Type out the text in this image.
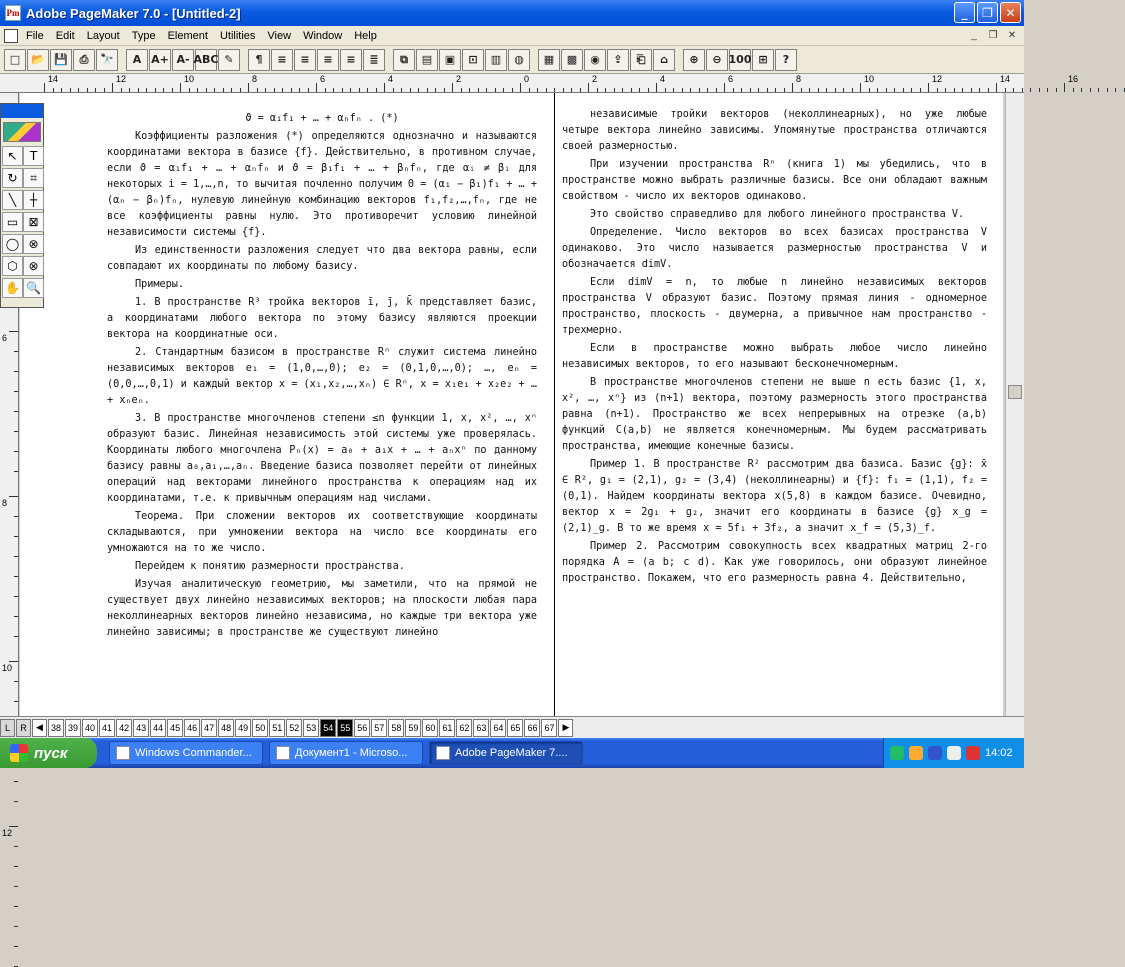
Pm Adobe PageMaker 7.0 - [Untitled-2]	_	❐	✕
File	Edit	Layout	Type	Element	Utilities	View	Window	Help	_	❐	✕
□ 📂 💾	⎙	🔭	A A+ A- ABC ✎	¶	≡	≡	≡	≡	≣	⧉	▤	▣	⊡	▥	◍	▦	▩	◉	⇪	⎗	⌂	⊕	⊖ 100 ⊞	?
14	12	10	8	6	4	2	0	2	4	6	8	10	12	14	16
6
8
10
12
ϑ = α₁f₁ + … + αₙfₙ . (*)
Коэффициенты разложения (*) определяются однозначно и называются координатами вектора в базисе {f}. Действительно, в противном случае, если ϑ = α₁f₁ + … + αₙfₙ и ϑ = β₁f₁ + … + βₙfₙ, где αᵢ ≠ βᵢ для некоторых i = 1,…,n, то вычитая почленно получим 0 = (α₁ − β₁)f₁ + … + (αₙ − βₙ)fₙ, нулевую линейную комбинацию векторов f₁,f₂,…,fₙ, где не все коэффициенты равны нулю. Это противоречит условию линейной независимости системы {f}.
Из единственности разложения следует что два вектора равны, если совпадают их координаты по любому базису.
Примеры.
1. В пространстве R³ тройка векторов ī, j̄, k̄ представляет базис, а координатами любого вектора по этому базису являются проекции вектора на координатные оси.
2. Стандартным базисом в пространстве Rⁿ служит система линейно независимых векторов e₁ = (1,0,…,0); e₂ = (0,1,0,…,0); …, eₙ = (0,0,…,0,1) и каждый вектор x = (x₁,x₂,…,xₙ) ∈ Rⁿ, x = x₁e₁ + x₂e₂ + … + xₙeₙ.
3. В пространстве многочленов степени ≤n функции 1, x, x², …, xⁿ образуют базис. Линейная независимость этой системы уже проверялась. Координаты любого многочлена Pₙ(x) = a₀ + a₁x + … + aₙxⁿ по данному базису равны a₀,a₁,…,aₙ. Введение базиса позволяет перейти от линейных операций над векторами линейного пространства к операциям над их координатами, т.е. к привычным операциям над числами.
Теорема. При сложении векторов их соответствующие координаты складываются, при умножении вектора на число все координаты его умножаются на то же число.
Перейдем к понятию размерности пространства.
Изучая аналитическую геометрию, мы заметили, что на прямой не существует двух линейно независимых векторов; на плоскости любая пара неколлинеарных векторов линейно независима, но каждые три вектора уже линейно зависимы; в пространстве же существуют линейно
независимые тройки векторов (неколлинеарных), но уже любые четыре вектора линейно зависимы. Упомянутые пространства отличаются своей размерностью.
При изучении пространства Rⁿ (книга 1) мы убедились, что в пространстве можно выбрать различные базисы. Все они обладают важным свойством - число их векторов одинаково.
Это свойство справедливо для любого линейного пространства V.
Определение. Число векторов во всех базисах пространства V одинаково. Это число называется размерностью пространства V и обозначается dimV.
Если dimV = n, то любые n линейно независимых векторов пространства V образуют базис. Поэтому прямая линия - одномерное пространство, плоскость - двумерна, а привычное нам пространство - трехмерно.
Если в пространстве можно выбрать любое число линейно независимых векторов, то его называют бесконечномерным.
В пространстве многочленов степени не выше n есть базис {1, x, x², …, xⁿ} из (n+1) вектора, поэтому размерность этого пространства равна (n+1). Пространство же всех непрерывных на отрезке (a,b) функций C(a,b) не является конечномерным. Мы будем рассматривать пространства, имеющие конечные базисы.
Пример 1. В пространстве R² рассмотрим два базиса. Базис {g}: x̄ ∈ R², g₁ = (2,1), g₂ = (3,4) (неколлинеарны) и {f}: f₁ = (1,1), f₂ = (0,1). Найдем координаты вектора x(5,8) в каждом базисе. Очевидно, вектор x = 2g₁ + g₂, значит его координаты в базисе {g} x_g = (2,1)_g. В то же время x = 5f₁ + 3f₂, а значит x_f = (5,3)_f.
Пример 2. Рассмотрим совокупность всех квадратных матриц 2-го порядка A = (a b; c d). Как уже говорилось, они образуют линейное пространство. Покажем, что его размерность равна 4. Действительно,
↖	T
↻	⌗
╲	┼
▭ ⊠
◯ ⊗
⬡ ⊗
✋ 🔍
L	R	◀ 38 39 40 41 42 43 44 45 46 47 48 49 50 51 52 53 54 55 56 57 58 59 60 61 62 63 64 65 66 67 ▶
пуск	Windows Commander...	Документ1 - Microso...	Adobe PageMaker 7....	14:02
